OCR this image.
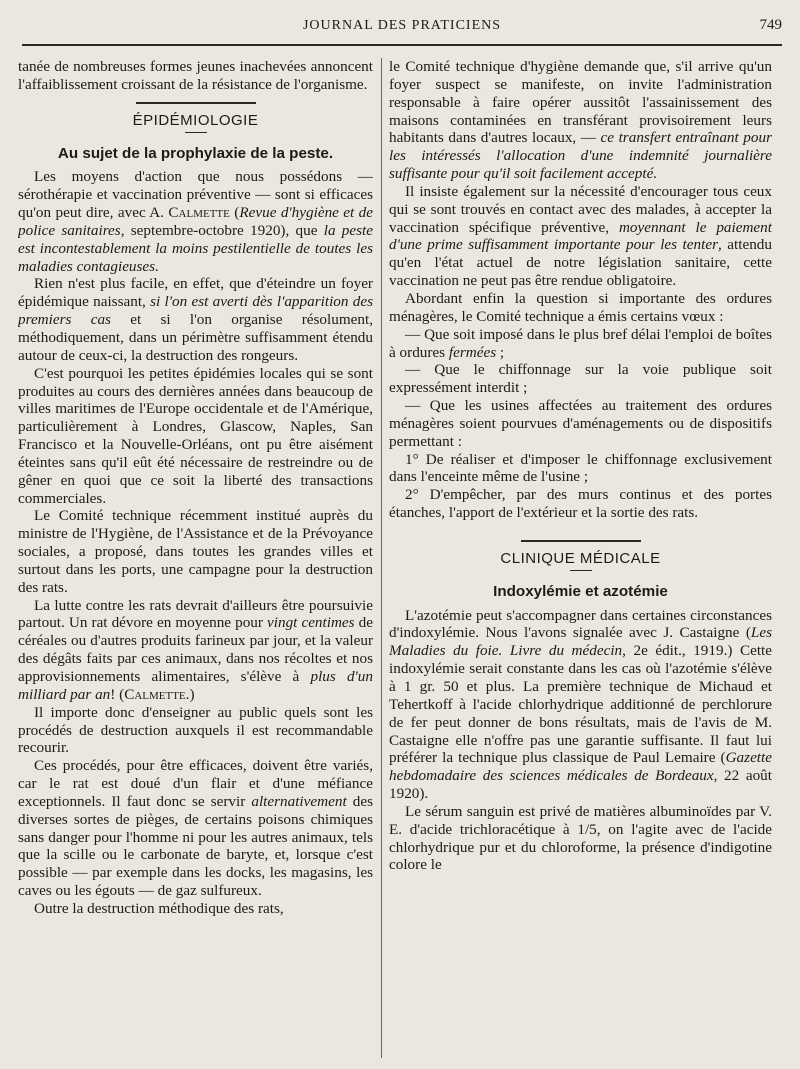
JOURNAL DES PRATICIENS	749

tanée de nombreuses formes jeunes inachevées annoncent l'affaiblissement croissant de la résistance de l'organisme.

ÉPIDÉMIOLOGIE
Au sujet de la prophylaxie de la peste.

Les moyens d'action que nous possédons — sérothérapie et vaccination préventive — sont si efficaces qu'on peut dire, avec A. Calmette (Revue d'hygiène et de police sanitaires, septembre-octobre 1920), que la peste est incontestablement la moins pestilentielle de toutes les maladies contagieuses.

Rien n'est plus facile, en effet, que d'éteindre un foyer épidémique naissant, si l'on est averti dès l'apparition des premiers cas et si l'on organise résolument, méthodiquement, dans un périmètre suffisamment étendu autour de ceux-ci, la destruction des rongeurs.

C'est pourquoi les petites épidémies locales qui se sont produites au cours des dernières années dans beaucoup de villes maritimes de l'Europe occidentale et de l'Amérique, particulièrement à Londres, Glascow, Naples, San Francisco et la Nouvelle-Orléans, ont pu être aisément éteintes sans qu'il eût été nécessaire de restreindre ou de gêner en quoi que ce soit la liberté des transactions commerciales.

Le Comité technique récemment institué auprès du ministre de l'Hygiène, de l'Assistance et de la Prévoyance sociales, a proposé, dans toutes les grandes villes et surtout dans les ports, une campagne pour la destruction des rats.

La lutte contre les rats devrait d'ailleurs être poursuivie partout. Un rat dévore en moyenne pour vingt centimes de céréales ou d'autres produits farineux par jour, et la valeur des dégâts faits par ces animaux, dans nos récoltes et nos approvisionnements alimentaires, s'élève à plus d'un milliard par an! (Calmette.)

Il importe donc d'enseigner au public quels sont les procédés de destruction auxquels il est recommandable recourir.

Ces procédés, pour être efficaces, doivent être variés, car le rat est doué d'un flair et d'une méfiance exceptionnels. Il faut donc se servir alternativement des diverses sortes de pièges, de certains poisons chimiques sans danger pour l'homme ni pour les autres animaux, tels que la scille ou le carbonate de baryte, et, lorsque c'est possible — par exemple dans les docks, les magasins, les caves ou les égouts — de gaz sulfureux.

Outre la destruction méthodique des rats,

le Comité technique d'hygiène demande que, s'il arrive qu'un foyer suspect se manifeste, on invite l'administration responsable à faire opérer aussitôt l'assainissement des maisons contaminées en transférant provisoirement leurs habitants dans d'autres locaux, — ce transfert entraînant pour les intéressés l'allocation d'une indemnité journalière suffisante pour qu'il soit facilement accepté.

Il insiste également sur la nécessité d'encourager tous ceux qui se sont trouvés en contact avec des malades, à accepter la vaccination spécifique préventive, moyennant le paiement d'une prime suffisamment importante pour les tenter, attendu qu'en l'état actuel de notre législation sanitaire, cette vaccination ne peut pas être rendue obligatoire.

Abordant enfin la question si importante des ordures ménagères, le Comité technique a émis certains vœux :

— Que soit imposé dans le plus bref délai l'emploi de boîtes à ordures fermées ;

— Que le chiffonnage sur la voie publique soit expressément interdit ;

— Que les usines affectées au traitement des ordures ménagères soient pourvues d'aménagements ou de dispositifs permettant :

1° De réaliser et d'imposer le chiffonnage exclusivement dans l'enceinte même de l'usine ;

2° D'empêcher, par des murs continus et des portes étanches, l'apport de l'extérieur et la sortie des rats.

CLINIQUE MÉDICALE
Indoxylémie et azotémie

L'azotémie peut s'accompagner dans certaines circonstances d'indoxylémie. Nous l'avons signalée avec J. Castaigne (Les Maladies du foie. Livre du médecin, 2e édit., 1919.) Cette indoxylémie serait constante dans les cas où l'azotémie s'élève à 1 gr. 50 et plus. La première technique de Michaud et Tehertkoff à l'acide chlorhydrique additionné de perchlorure de fer peut donner de bons résultats, mais de l'avis de M. Castaigne elle n'offre pas une garantie suffisante. Il faut lui préférer la technique plus classique de Paul Lemaire (Gazette hebdomadaire des sciences médicales de Bordeaux, 22 août 1920).

Le sérum sanguin est privé de matières albuminoïdes par V. E. d'acide trichloracétique à 1/5, on l'agite avec de l'acide chlorhydrique pur et du chloroforme, la présence d'indigotine colore le
